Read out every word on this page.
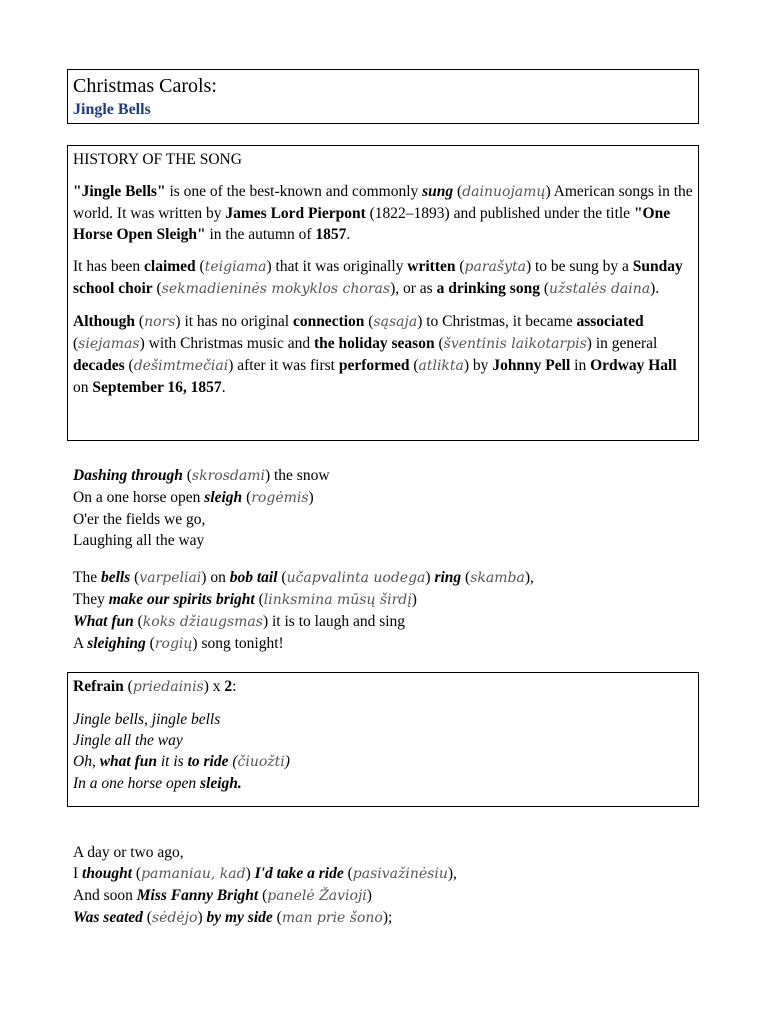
Christmas Carols:

Jingle Bells

HISTORY OF THE SONG

"Jingle Bells" is one of the best-known and commonly sung (dainuojamų) American songs in the world. It was written by James Lord Pierpont (1822–1893) and published under the title "One Horse Open Sleigh" in the autumn of 1857.

It has been claimed (teigiama) that it was originally written (parašyta) to be sung by a Sunday school choir (sekmadieninės mokyklos choras), or as a drinking song (užstalės daina).

Although (nors) it has no original connection (sąsaja) to Christmas, it became associated (siejamas) with Christmas music and the holiday season (šventinis laikotarpis) in general decades (dešimtmečiai) after it was first performed (atlikta) by Johnny Pell in Ordway Hall on September 16, 1857.

Dashing through (skrosdami) the snow

On a one horse open sleigh (rogėmis)

O'er the fields we go,

Laughing all the way

The bells (varpeliai) on bob tail (učapvalinta uodega) ring (skamba),

They make our spirits bright (linksmina mūsų širdį)

What fun (koks džiaugsmas) it is to laugh and sing

A sleighing (rogių) song tonight!

Refrain (priedainis) x 2:

Jingle bells, jingle bells

Jingle all the way

Oh, what fun it is to ride (čiuožti)

In a one horse open sleigh.

A day or two ago,

I thought (pamaniau, kad) I'd take a ride (pasivažinėsiu),

And soon Miss Fanny Bright (panelė Žavioji)

Was seated (sėdėjo) by my side (man prie šono);
